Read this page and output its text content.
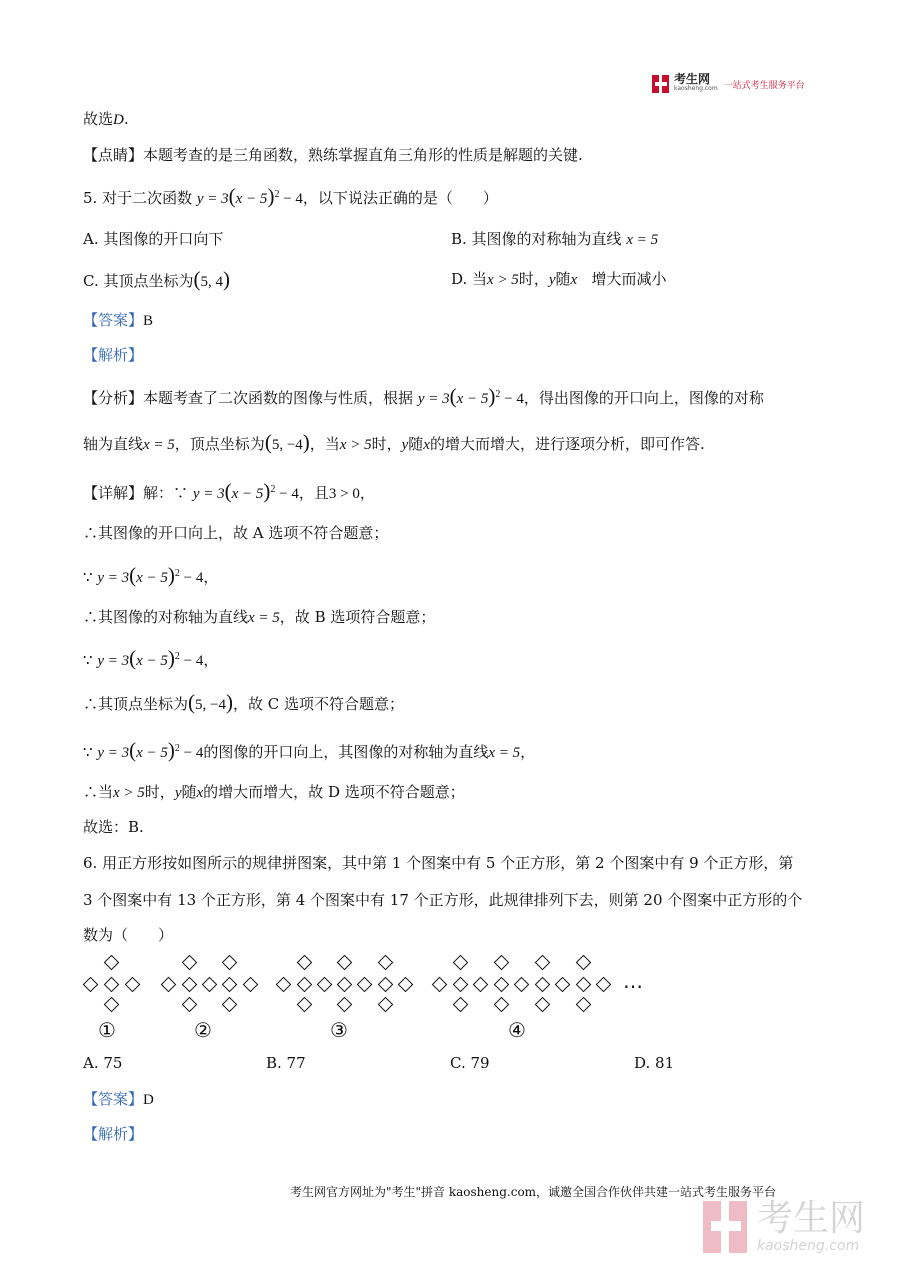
考生网
kaosheng.com 一站式考生服务平台
故选D.
【点睛】本题考查的是三角函数，熟练掌握直角三角形的性质是解题的关键.
5. 对于二次函数 $y = 3(x - 5)^2 - 4$，以下说法正确的是（　　）
A. 其图像的开口向下	B. 其图像的对称轴为直线 x = 5
C. 其顶点坐标为(5, 4)	D. 当x > 5时，y随x 增大而减小
【答案】B
【解析】
【分析】本题考查了二次函数的图像与性质，根据 $y = 3(x - 5)^2 - 4$，得出图像的开口向上，图像的对称
轴为直线x = 5，顶点坐标为(5, −4)，当x > 5时，y随x的增大而增大，进行逐项分析，即可作答.
【详解】解：∵ $y = 3(x - 5)^2 - 4$，且3 > 0，
∴其图像的开口向上，故 A 选项不符合题意；
∵ $y = 3(x - 5)^2 - 4$，
∴其图像的对称轴为直线x = 5，故 B 选项符合题意；
∵ $y = 3(x - 5)^2 - 4$，
∴其顶点坐标为(5, −4)，故 C 选项不符合题意；
∵ $y = 3(x - 5)^2 - 4$的图像的开口向上，其图像的对称轴为直线x = 5，
∴当x > 5时，y随x的增大而增大，故 D 选项不符合题意；
故选：B.
6. 用正方形按如图所示的规律拼图案，其中第 1 个图案中有 5 个正方形，第 2 个图案中有 9 个正方形，第
3 个图案中有 13 个正方形，第 4 个图案中有 17 个正方形，此规律排列下去，则第 20 个图案中正方形的个
数为（　　）
…
①	②	③	④
A. 75	B. 77	C. 79	D. 81
【答案】D
【解析】
考生网官方网址为"考生"拼音 kaosheng.com，诚邀全国合作伙伴共建一站式考生服务平台
考生网
kaosheng.com
